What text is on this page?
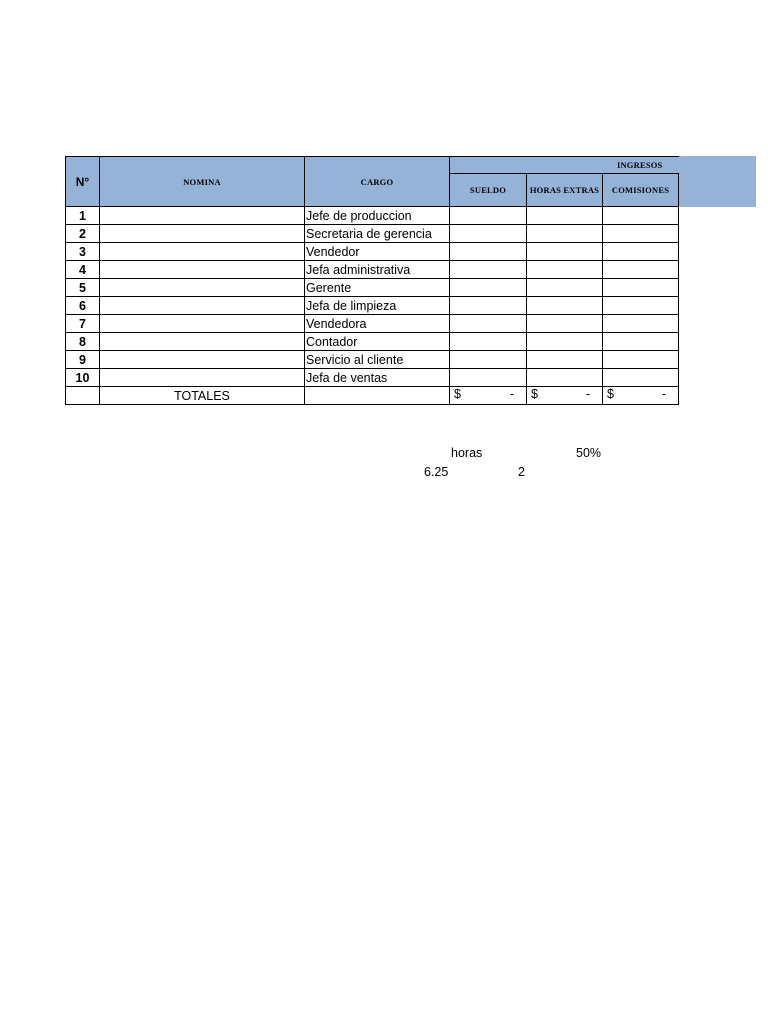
N°	NOMINA	CARGO	INGRESOS		
			SUELDO	HORAS EXTRAS	COMISIONES
1		Jefe de produccion			
2		Secretaria de gerencia			
3		Vendedor			
4		Jefa administrativa			
5		Gerente			
6		Jefa de limpieza			
7		Vendedora			
8		Contador			
9		Servicio al cliente			
10		Jefa de ventas			
	TOTALES		$ -	$ -	$ -
horas	50%
6.25	2
